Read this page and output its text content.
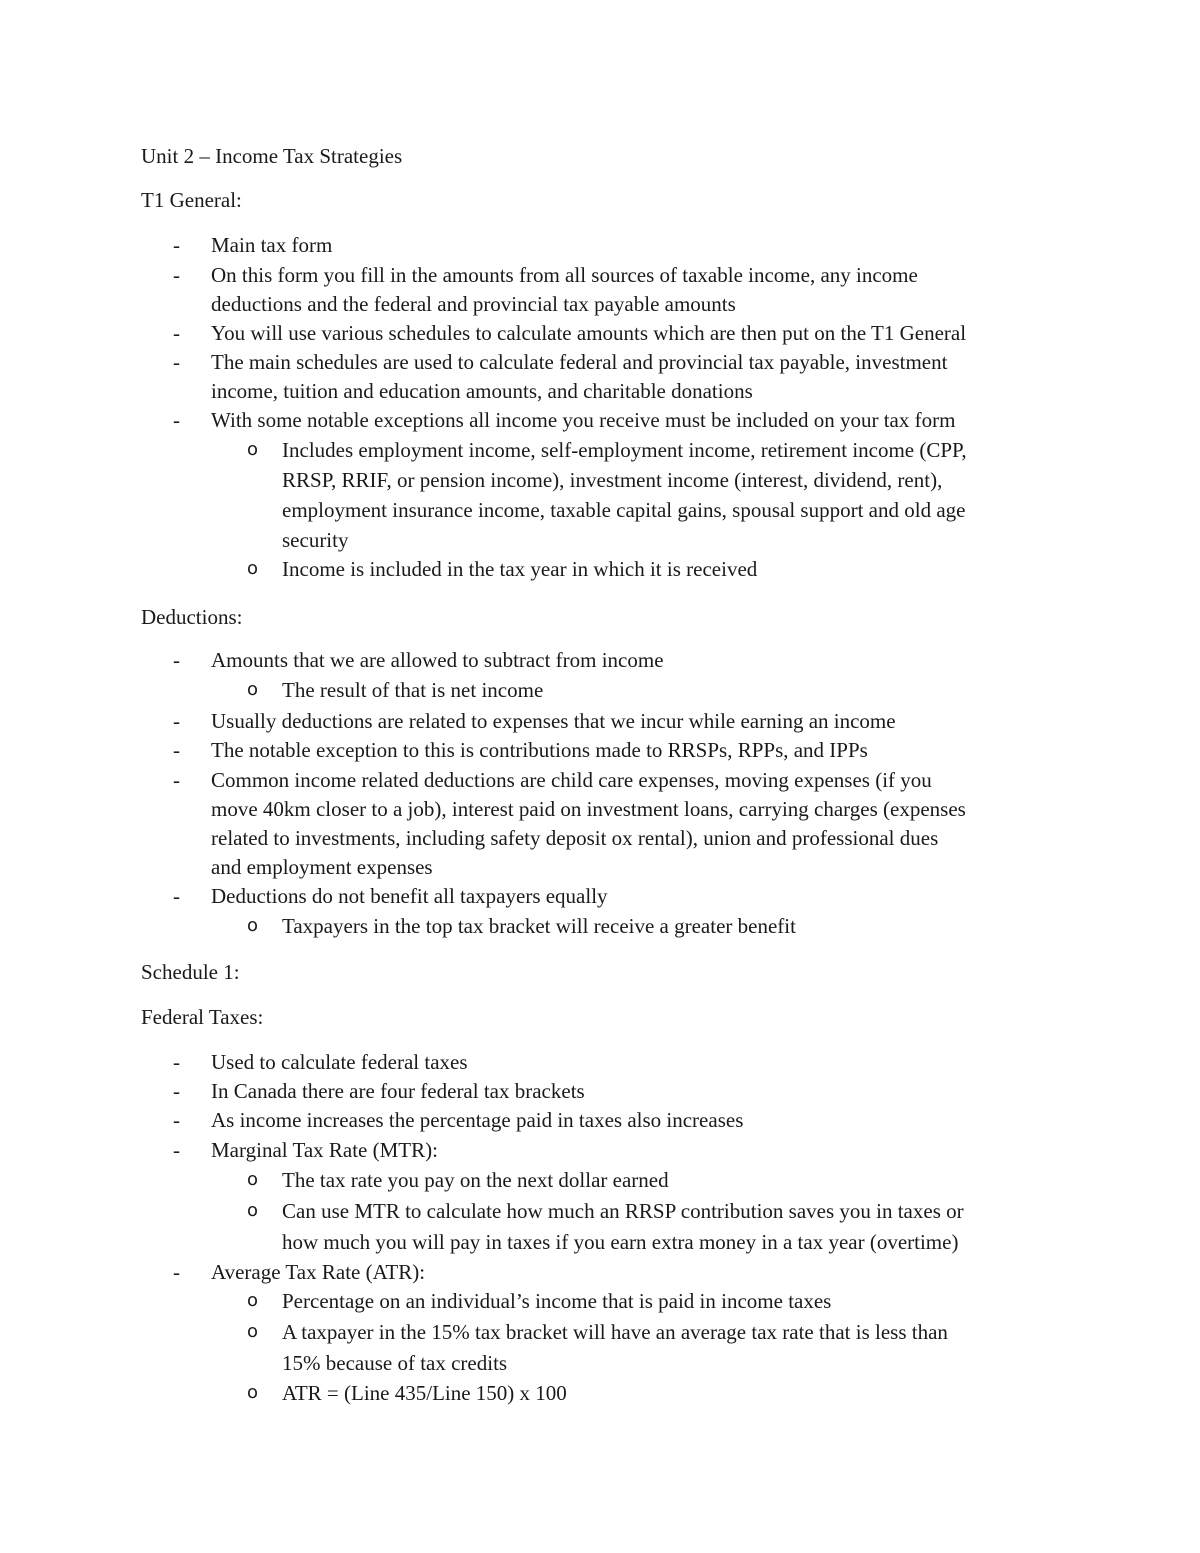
Unit 2 – Income Tax Strategies
T1 General:
- Main tax form
- On this form you fill in the amounts from all sources of taxable income, any income
deductions and the federal and provincial tax payable amounts
- You will use various schedules to calculate amounts which are then put on the T1 General
- The main schedules are used to calculate federal and provincial tax payable, investment
income, tuition and education amounts, and charitable donations
- With some notable exceptions all income you receive must be included on your tax form
o Includes employment income, self-employment income, retirement income (CPP,
RRSP, RRIF, or pension income), investment income (interest, dividend, rent),
employment insurance income, taxable capital gains, spousal support and old age
security
o Income is included in the tax year in which it is received
Deductions:
- Amounts that we are allowed to subtract from income
o The result of that is net income
- Usually deductions are related to expenses that we incur while earning an income
- The notable exception to this is contributions made to RRSPs, RPPs, and IPPs
- Common income related deductions are child care expenses, moving expenses (if you
move 40km closer to a job), interest paid on investment loans, carrying charges (expenses
related to investments, including safety deposit ox rental), union and professional dues
and employment expenses
- Deductions do not benefit all taxpayers equally
o Taxpayers in the top tax bracket will receive a greater benefit
Schedule 1:
Federal Taxes:
- Used to calculate federal taxes
- In Canada there are four federal tax brackets
- As income increases the percentage paid in taxes also increases
- Marginal Tax Rate (MTR):
o The tax rate you pay on the next dollar earned
o Can use MTR to calculate how much an RRSP contribution saves you in taxes or
how much you will pay in taxes if you earn extra money in a tax year (overtime)
- Average Tax Rate (ATR):
o Percentage on an individual’s income that is paid in income taxes
o A taxpayer in the 15% tax bracket will have an average tax rate that is less than
15% because of tax credits
o ATR = (Line 435/Line 150) x 100
